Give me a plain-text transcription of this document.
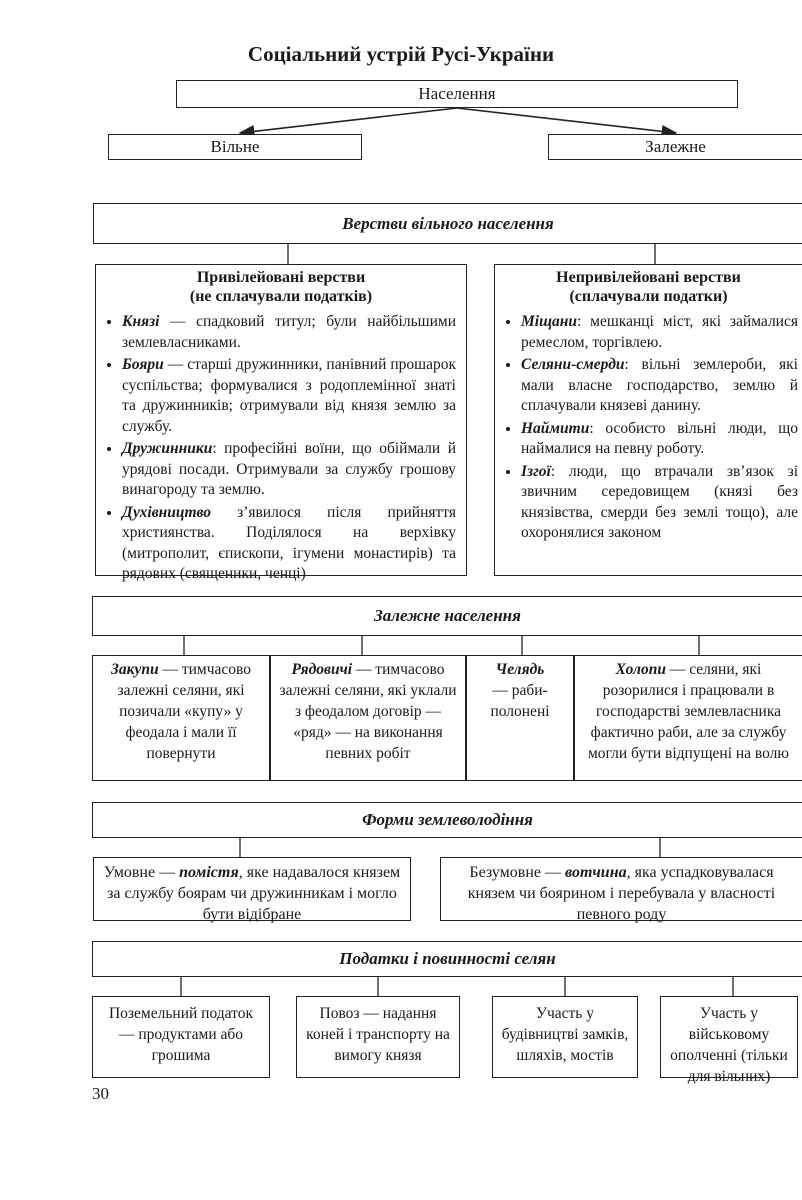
Соціальний устрій Русі-України
Населення
Вільне	Залежне
Верстви вільного населення
Привілейовані верстви
(не сплачували податків)
• Князі — спадковий титул; були найбільшими землевласниками.
• Бояри — старші дружинники, панівний прошарок суспільства; формувалися з родоплемінної знаті та дружинників; отримували від князя землю за службу.
• Дружинники: професійні воїни, що обіймали й урядові посади. Отримували за службу грошову винагороду та землю.
• Духівництво з’явилося після прийняття християнства. Поділялося на верхівку (митрополит, єпископи, ігумени монастирів) та рядових (священики, ченці)
Непривілейовані верстви
(сплачували податки)
• Міщани: мешканці міст, які займалися ремеслом, торгівлею.
• Селяни-смерди: вільні землероби, які мали власне господарство, землю й сплачували князеві данину.
• Наймити: особисто вільні люди, що наймалися на певну роботу.
• Ізгої: люди, що втрачали зв’язок зі звичним середовищем (князі без князівства, смерди без землі тощо), але охоронялися законом
Залежне населення
Закупи — тимчасово залежні селяни, які позичали «купу» у феодала і мали її повернути
Рядовичі — тимчасово залежні селяни, які уклали з феодалом договір — «ряд» — на виконання певних робіт
Челядь — раби-полонені
Холопи — селяни, які розорилися і працювали в господарстві землевласника фактично раби, але за службу могли бути відпущені на волю
Форми землеволодіння
Умовне — помістя, яке надавалося князем за службу боярам чи дружинникам і могло бути відібране
Безумовне — вотчина, яка успадковувалася князем чи боярином і перебувала у власності певного роду
Податки і повинності селян
Поземельний податок — продуктами або грошима
Повоз — надання коней і транспорту на вимогу князя
Участь у будівництві замків, шляхів, мостів
Участь у військовому ополченні (тільки для вільних)
30
